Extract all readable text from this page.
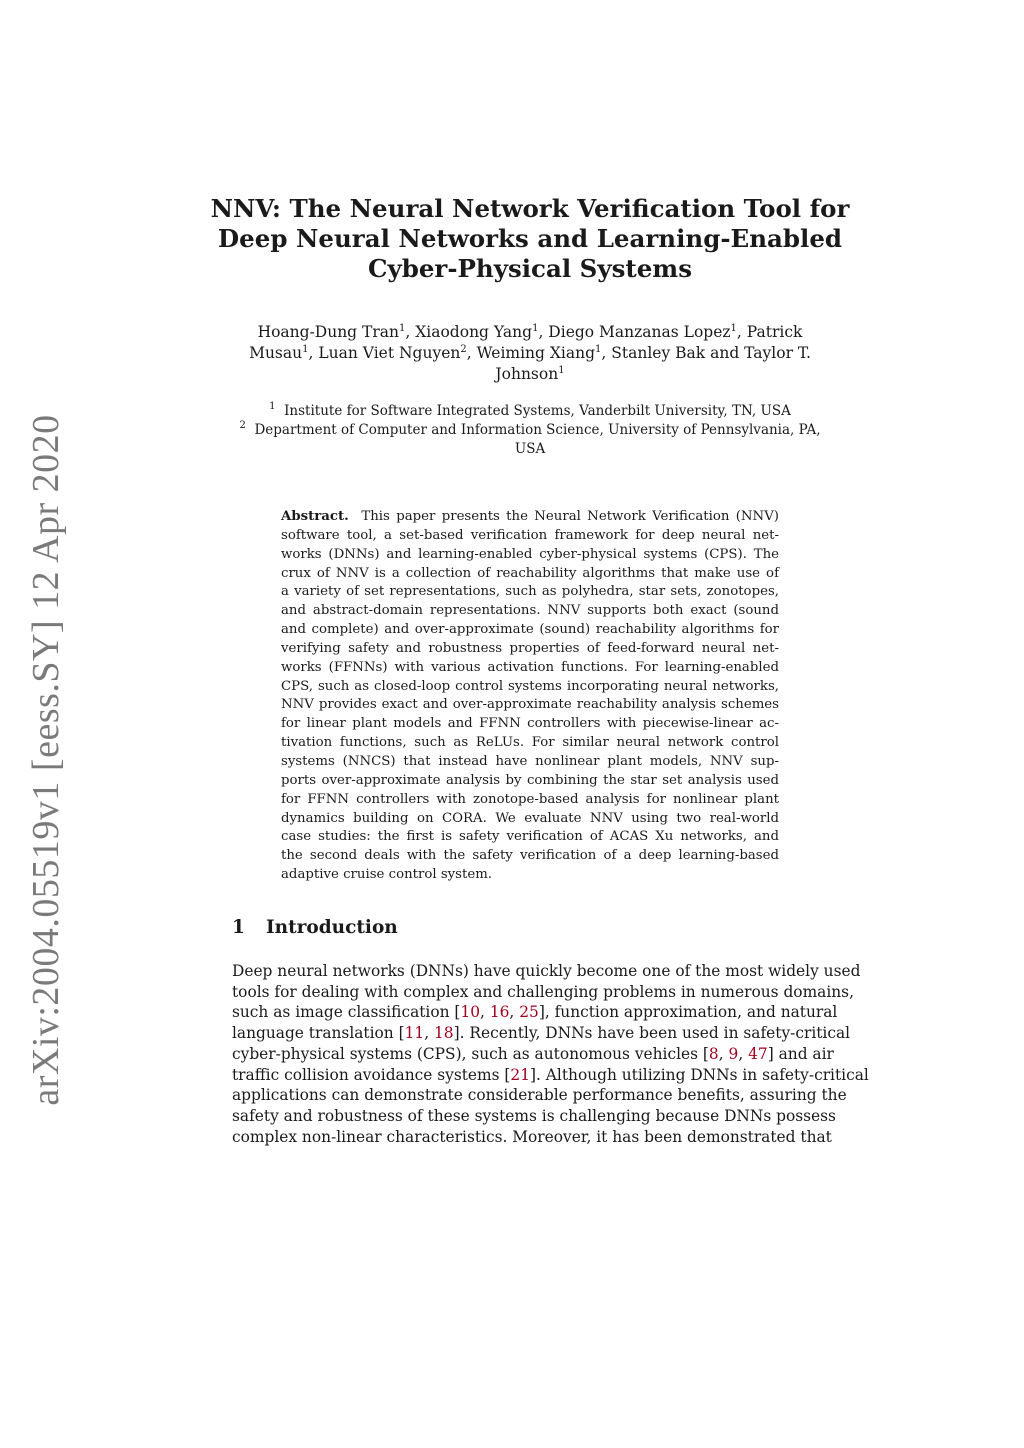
arXiv:2004.05519v1 [eess.SY] 12 Apr 2020
NNV: The Neural Network Verification Tool for
Deep Neural Networks and Learning-Enabled
Cyber-Physical Systems
Hoang-Dung Tran$^1$, Xiaodong Yang$^1$, Diego Manzanas Lopez$^1$, Patrick
Musau$^1$, Luan Viet Nguyen$^2$, Weiming Xiang$^1$, Stanley Bak and Taylor T.
Johnson$^1$
$^1$ Institute for Software Integrated Systems, Vanderbilt University, TN, USA
$^2$ Department of Computer and Information Science, University of Pennsylvania, PA,
USA
Abstract. This paper presents the Neural Network Verification (NNV)
software tool, a set-based verification framework for deep neural net-
works (DNNs) and learning-enabled cyber-physical systems (CPS). The
crux of NNV is a collection of reachability algorithms that make use of
a variety of set representations, such as polyhedra, star sets, zonotopes,
and abstract-domain representations. NNV supports both exact (sound
and complete) and over-approximate (sound) reachability algorithms for
verifying safety and robustness properties of feed-forward neural net-
works (FFNNs) with various activation functions. For learning-enabled
CPS, such as closed-loop control systems incorporating neural networks,
NNV provides exact and over-approximate reachability analysis schemes
for linear plant models and FFNN controllers with piecewise-linear ac-
tivation functions, such as ReLUs. For similar neural network control
systems (NNCS) that instead have nonlinear plant models, NNV sup-
ports over-approximate analysis by combining the star set analysis used
for FFNN controllers with zonotope-based analysis for nonlinear plant
dynamics building on CORA. We evaluate NNV using two real-world
case studies: the first is safety verification of ACAS Xu networks, and
the second deals with the safety verification of a deep learning-based
adaptive cruise control system.
1 Introduction
Deep neural networks (DNNs) have quickly become one of the most widely used
tools for dealing with complex and challenging problems in numerous domains,
such as image classification [10, 16, 25], function approximation, and natural
language translation [11, 18]. Recently, DNNs have been used in safety-critical
cyber-physical systems (CPS), such as autonomous vehicles [8, 9, 47] and air
traffic collision avoidance systems [21]. Although utilizing DNNs in safety-critical
applications can demonstrate considerable performance benefits, assuring the
safety and robustness of these systems is challenging because DNNs possess
complex non-linear characteristics. Moreover, it has been demonstrated that
